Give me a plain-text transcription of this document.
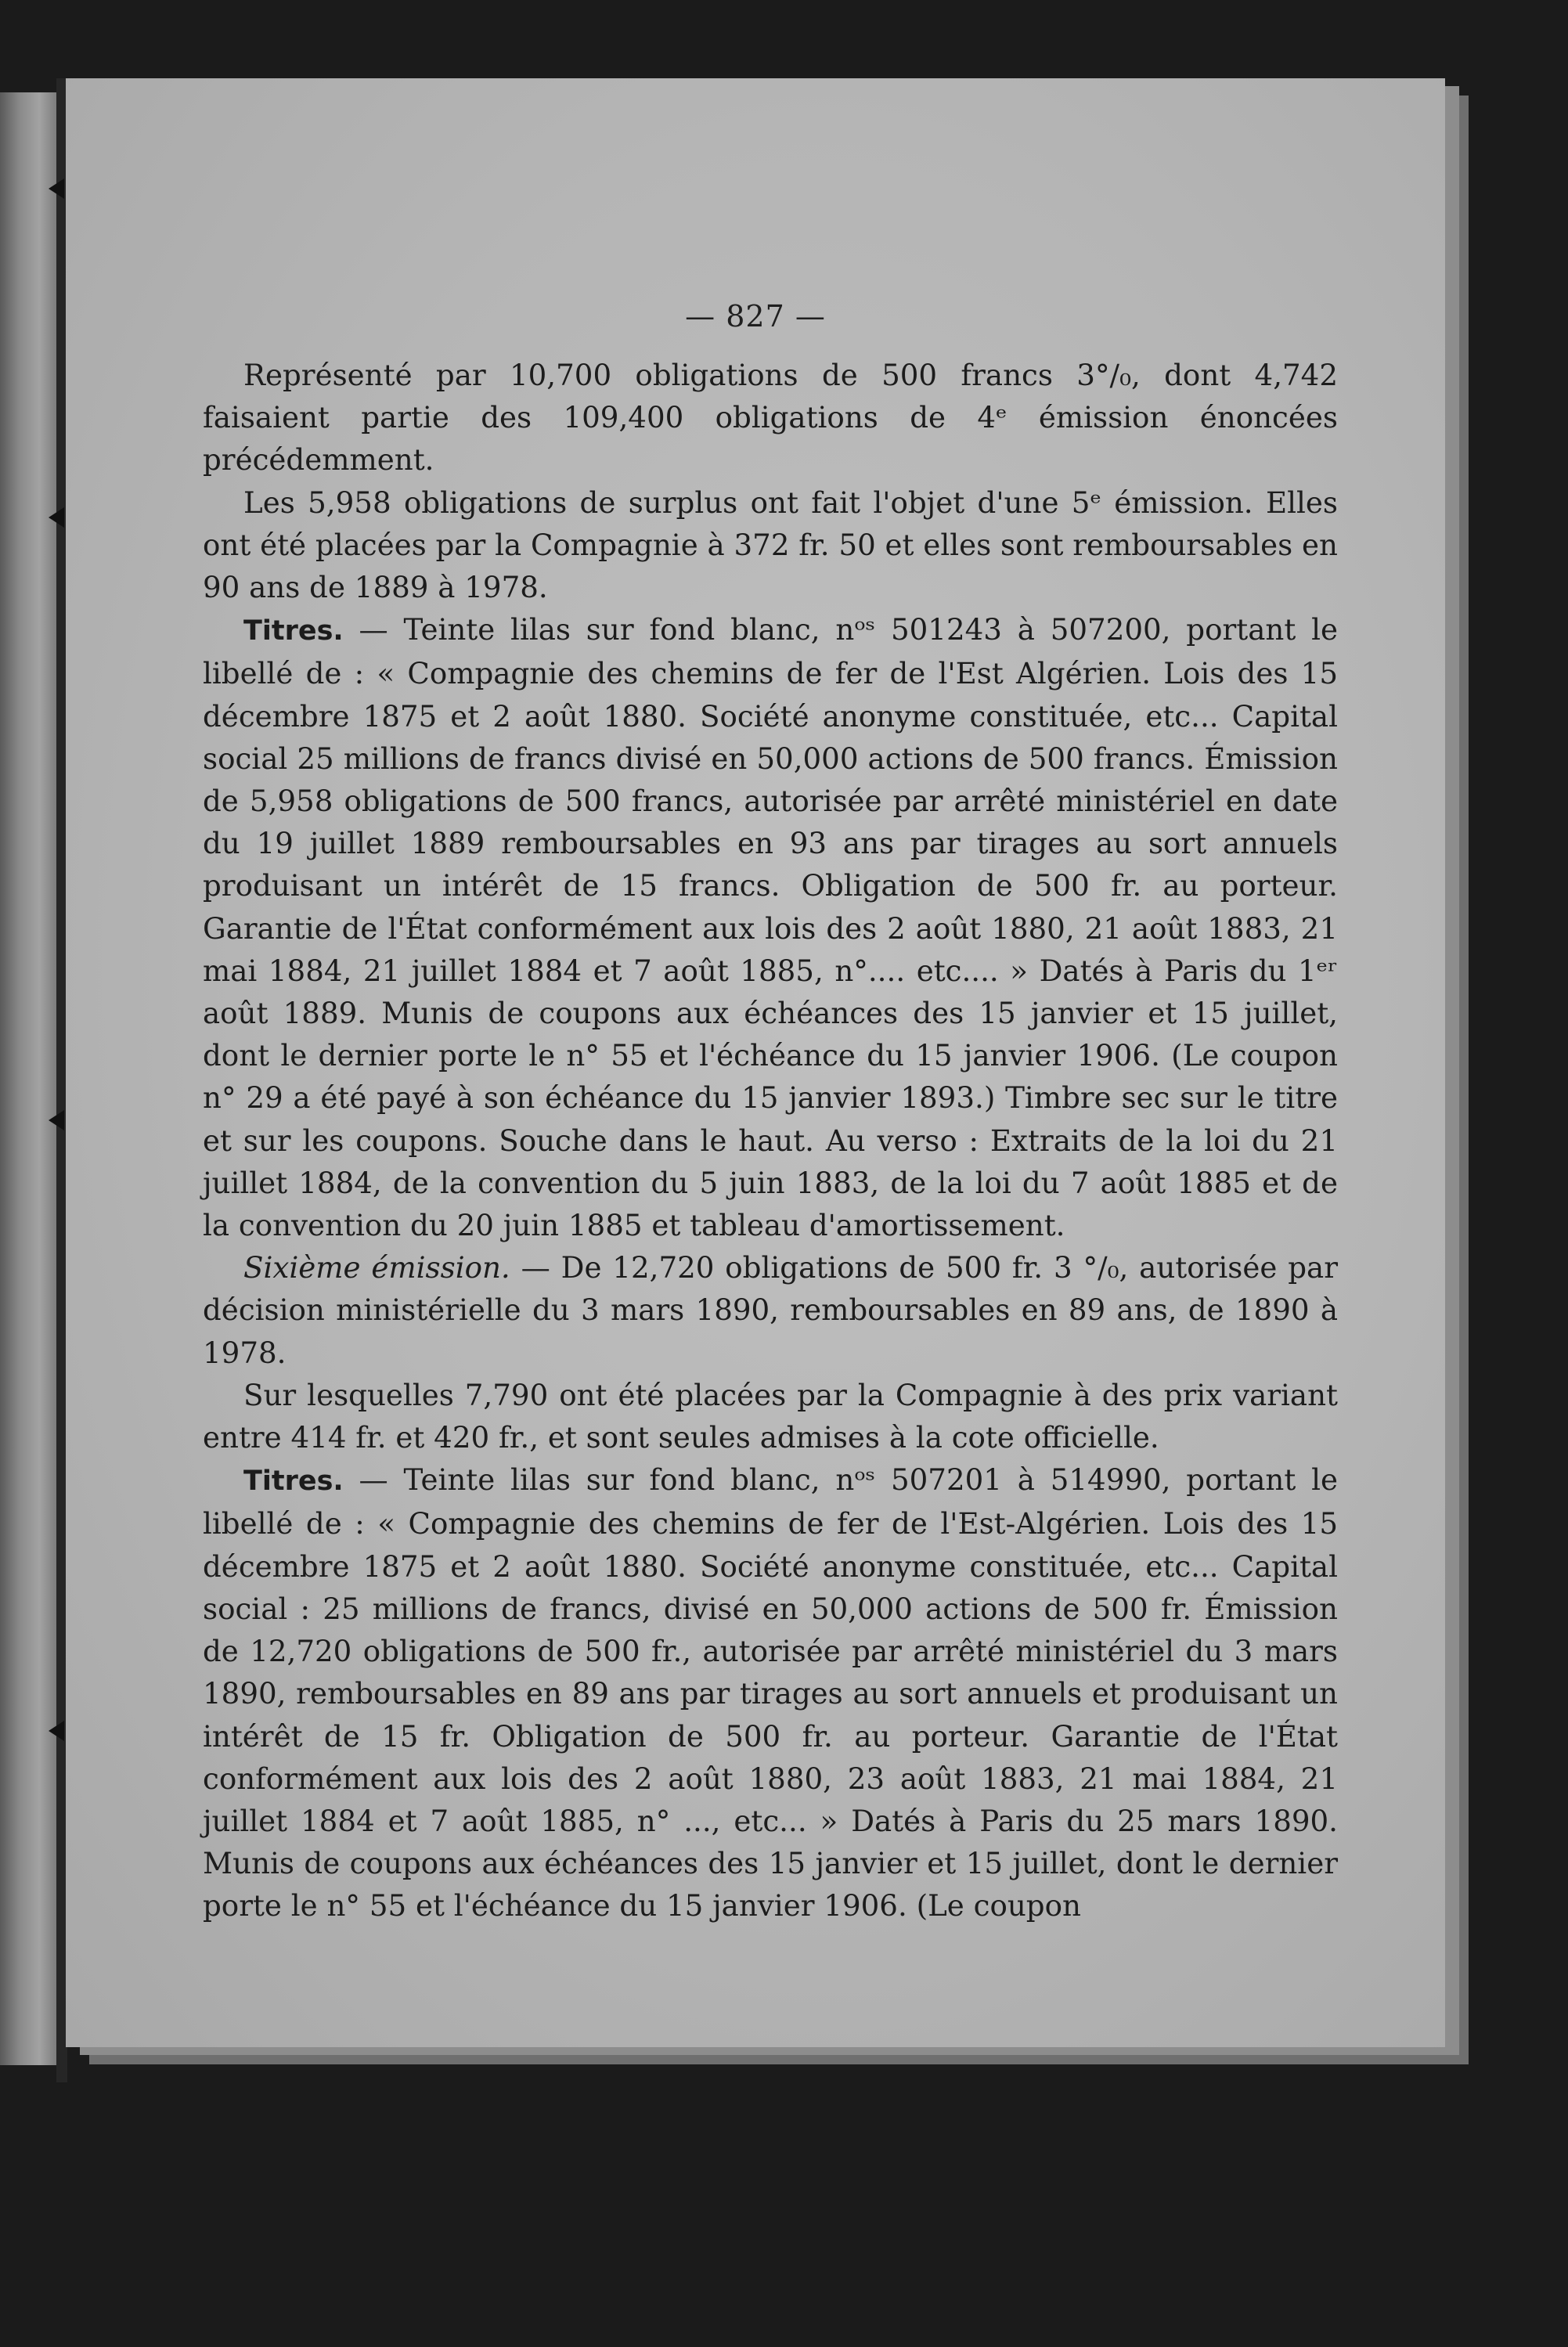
— 827 —

Représenté par 10,700 obligations de 500 francs 3°/₀, dont 4,742 faisaient partie des 109,400 obligations de 4ᵉ émission énoncées précédemment.

Les 5,958 obligations de surplus ont fait l'objet d'une 5ᵉ émission. Elles ont été placées par la Compagnie à 372 fr. 50 et elles sont remboursables en 90 ans de 1889 à 1978.

Titres. — Teinte lilas sur fond blanc, nᵒˢ 501243 à 507200, portant le libellé de : « Compagnie des chemins de fer de l'Est Algérien. Lois des 15 décembre 1875 et 2 août 1880. Société anonyme constituée, etc... Capital social 25 millions de francs divisé en 50,000 actions de 500 francs. Émission de 5,958 obligations de 500 francs, autorisée par arrêté ministériel en date du 19 juillet 1889 remboursables en 93 ans par tirages au sort annuels produisant un intérêt de 15 francs. Obligation de 500 fr. au porteur. Garantie de l'État conformément aux lois des 2 août 1880, 21 août 1883, 21 mai 1884, 21 juillet 1884 et 7 août 1885, n°.... etc.... » Datés à Paris du 1ᵉʳ août 1889. Munis de coupons aux échéances des 15 janvier et 15 juillet, dont le dernier porte le n° 55 et l'échéance du 15 janvier 1906. (Le coupon n° 29 a été payé à son échéance du 15 janvier 1893.) Timbre sec sur le titre et sur les coupons. Souche dans le haut. Au verso : Extraits de la loi du 21 juillet 1884, de la convention du 5 juin 1883, de la loi du 7 août 1885 et de la convention du 20 juin 1885 et tableau d'amortissement.

Sixième émission. — De 12,720 obligations de 500 fr. 3 °/₀, autorisée par décision ministérielle du 3 mars 1890, remboursables en 89 ans, de 1890 à 1978.

Sur lesquelles 7,790 ont été placées par la Compagnie à des prix variant entre 414 fr. et 420 fr., et sont seules admises à la cote officielle.

Titres. — Teinte lilas sur fond blanc, nᵒˢ 507201 à 514990, portant le libellé de : « Compagnie des chemins de fer de l'Est-Algérien. Lois des 15 décembre 1875 et 2 août 1880. Société anonyme constituée, etc... Capital social : 25 millions de francs, divisé en 50,000 actions de 500 fr. Émission de 12,720 obligations de 500 fr., autorisée par arrêté ministériel du 3 mars 1890, remboursables en 89 ans par tirages au sort annuels et produisant un intérêt de 15 fr. Obligation de 500 fr. au porteur. Garantie de l'État conformément aux lois des 2 août 1880, 23 août 1883, 21 mai 1884, 21 juillet 1884 et 7 août 1885, n° ..., etc... » Datés à Paris du 25 mars 1890. Munis de coupons aux échéances des 15 janvier et 15 juillet, dont le dernier porte le n° 55 et l'échéance du 15 janvier 1906. (Le coupon
